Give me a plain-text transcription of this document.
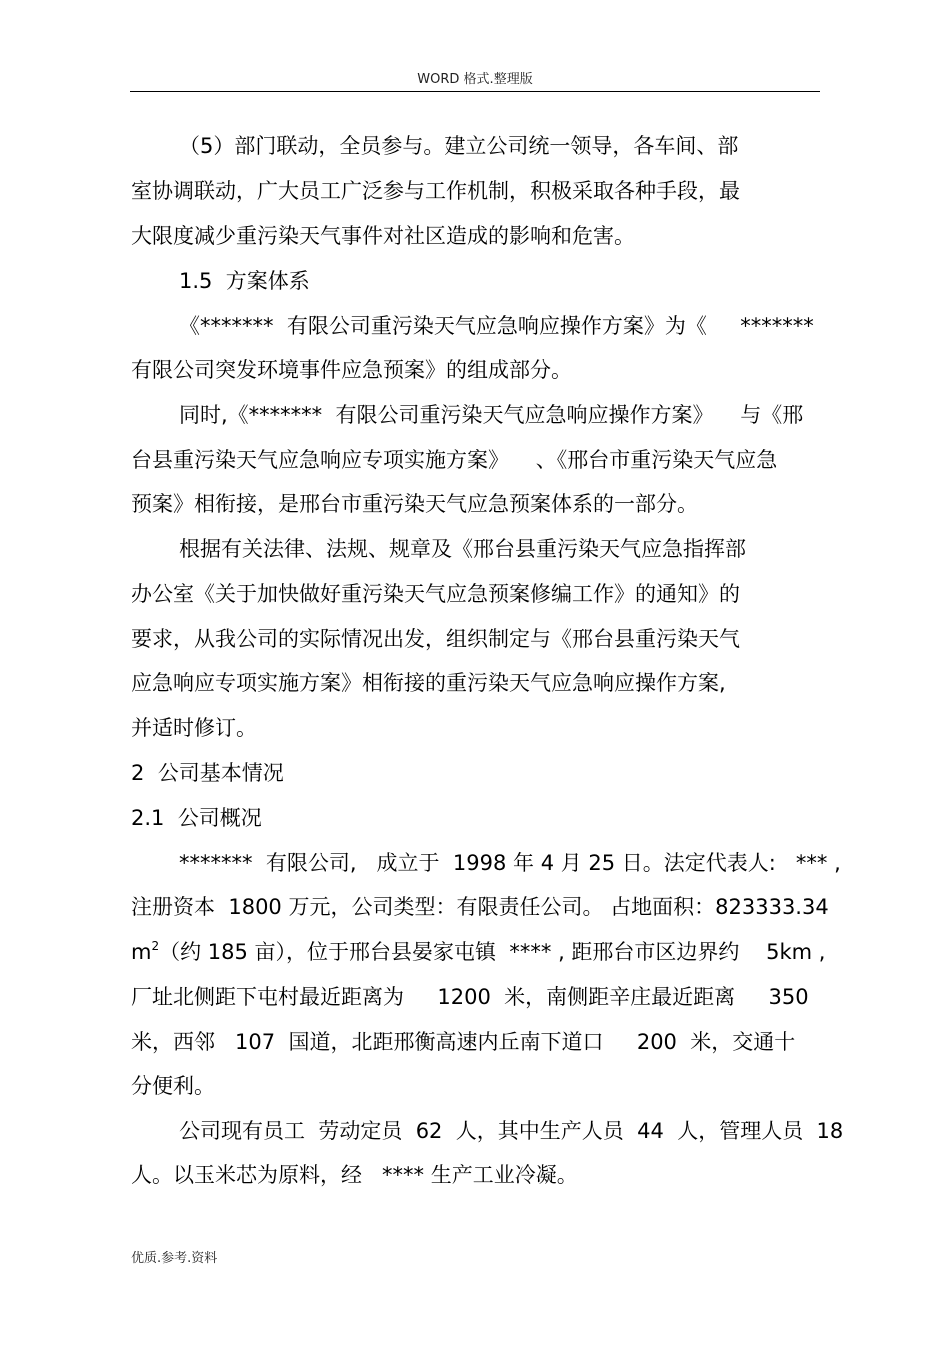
WORD 格式.整理版
（5）部门联动，全员参与。建立公司统一领导，各车间、部
室协调联动，广大员工广泛参与工作机制，积极采取各种手段，最
大限度减少重污染天气事件对社区造成的影响和危害。
1.5  方案体系
《*******  有限公司重污染天气应急响应操作方案》为《     *******
有限公司突发环境事件应急预案》的组成部分。
同时,《*******  有限公司重污染天气应急响应操作方案》    与《邢
台县重污染天气应急响应专项实施方案》    、《邢台市重污染天气应急
预案》相衔接，是邢台市重污染天气应急预案体系的一部分。
根据有关法律、法规、规章及《邢台县重污染天气应急指挥部
办公室《关于加快做好重污染天气应急预案修编工作》的通知》的
要求，从我公司的实际情况出发，组织制定与《邢台县重污染天气
应急响应专项实施方案》相衔接的重污染天气应急响应操作方案,
并适时修订。
2  公司基本情况
2.1  公司概况
*******  有限公司,   成立于  1998 年 4 月 25 日。法定代表人:   *** ,
注册资本  1800 万元，公司类型：有限责任公司。 占地面积：823333.34
$m^2$（约 185 亩），位于邢台县晏家屯镇  **** , 距邢台市区边界约    5km ,
厂址北侧距下屯村最近距离为     1200  米，南侧距辛庄最近距离     350
米，西邻   107  国道，北距邢衡高速内丘南下道口     200  米，交通十
分便利。
公司现有员工  劳动定员  62  人，其中生产人员  44  人，管理人员  18
人。以玉米芯为原料，经   **** 生产工业冷凝。
优质.参考.资料
